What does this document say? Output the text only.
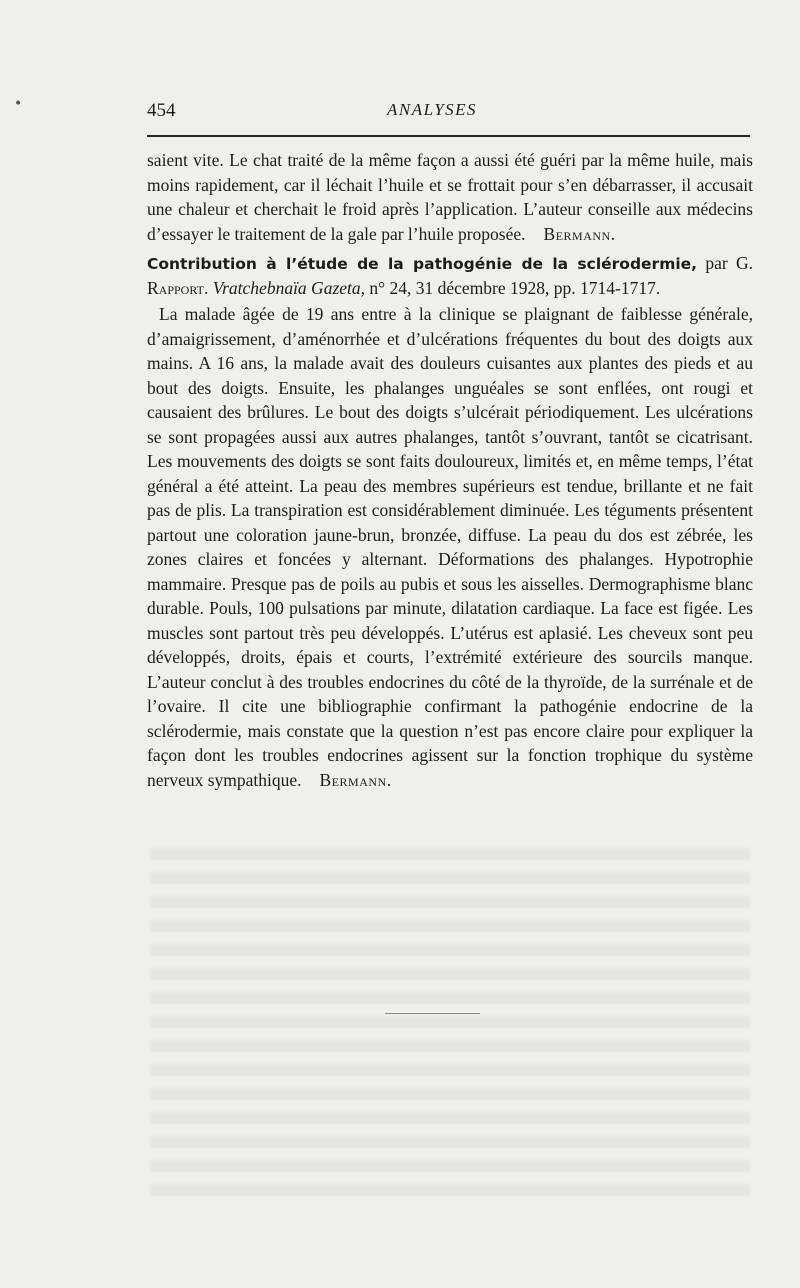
•	454	ANALYSES

saient vite. Le chat traité de la même façon a aussi été guéri par la même huile, mais moins rapidement, car il léchait l’huile et se frottait pour s’en débarrasser, il accusait une chaleur et cherchait le froid après l’application. L’auteur conseille aux médecins d’essayer le traitement de la gale par l’huile proposée. Bermann.

Contribution à l’étude de la pathogénie de la sclérodermie, par G. Rapport. Vratchebnaïa Gazeta, n° 24, 31 décembre 1928, pp. 1714-1717.

La malade âgée de 19 ans entre à la clinique se plaignant de faiblesse générale, d’amaigrissement, d’aménorrhée et d’ulcérations fréquentes du bout des doigts aux mains. A 16 ans, la malade avait des douleurs cuisantes aux plantes des pieds et au bout des doigts. Ensuite, les phalanges unguéales se sont enflées, ont rougi et causaient des brûlures. Le bout des doigts s’ulcérait périodiquement. Les ulcérations se sont propagées aussi aux autres phalanges, tantôt s’ouvrant, tantôt se cicatrisant. Les mouvements des doigts se sont faits douloureux, limités et, en même temps, l’état général a été atteint. La peau des membres supérieurs est tendue, brillante et ne fait pas de plis. La transpiration est considérablement diminuée. Les téguments présentent partout une coloration jaune-brun, bronzée, diffuse. La peau du dos est zébrée, les zones claires et foncées y alternant. Déformations des phalanges. Hypotrophie mammaire. Presque pas de poils au pubis et sous les aisselles. Dermographisme blanc durable. Pouls, 100 pulsations par minute, dilatation cardiaque. La face est figée. Les muscles sont partout très peu développés. L’utérus est aplasié. Les cheveux sont peu développés, droits, épais et courts, l’extrémité extérieure des sourcils manque. L’auteur conclut à des troubles endocrines du côté de la thyroïde, de la surrénale et de l’ovaire. Il cite une bibliographie confirmant la pathogénie endocrine de la sclérodermie, mais constate que la question n’est pas encore claire pour expliquer la façon dont les troubles endocrines agissent sur la fonction trophique du système nerveux sympathique. Bermann.
